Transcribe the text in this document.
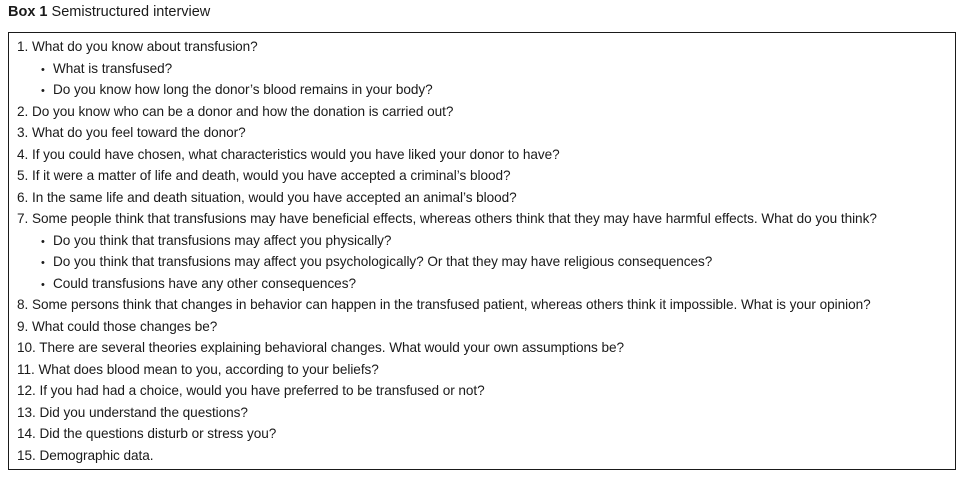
Box 1 Semistructured interview
1. What do you know about transfusion?
• What is transfused?
• Do you know how long the donor’s blood remains in your body?
2. Do you know who can be a donor and how the donation is carried out?
3. What do you feel toward the donor?
4. If you could have chosen, what characteristics would you have liked your donor to have?
5. If it were a matter of life and death, would you have accepted a criminal’s blood?
6. In the same life and death situation, would you have accepted an animal’s blood?
7. Some people think that transfusions may have beneficial effects, whereas others think that they may have harmful effects. What do you think?
• Do you think that transfusions may affect you physically?
• Do you think that transfusions may affect you psychologically? Or that they may have religious consequences?
• Could transfusions have any other consequences?
8. Some persons think that changes in behavior can happen in the transfused patient, whereas others think it impossible. What is your opinion?
9. What could those changes be?
10. There are several theories explaining behavioral changes. What would your own assumptions be?
11. What does blood mean to you, according to your beliefs?
12. If you had had a choice, would you have preferred to be transfused or not?
13. Did you understand the questions?
14. Did the questions disturb or stress you?
15. Demographic data.
